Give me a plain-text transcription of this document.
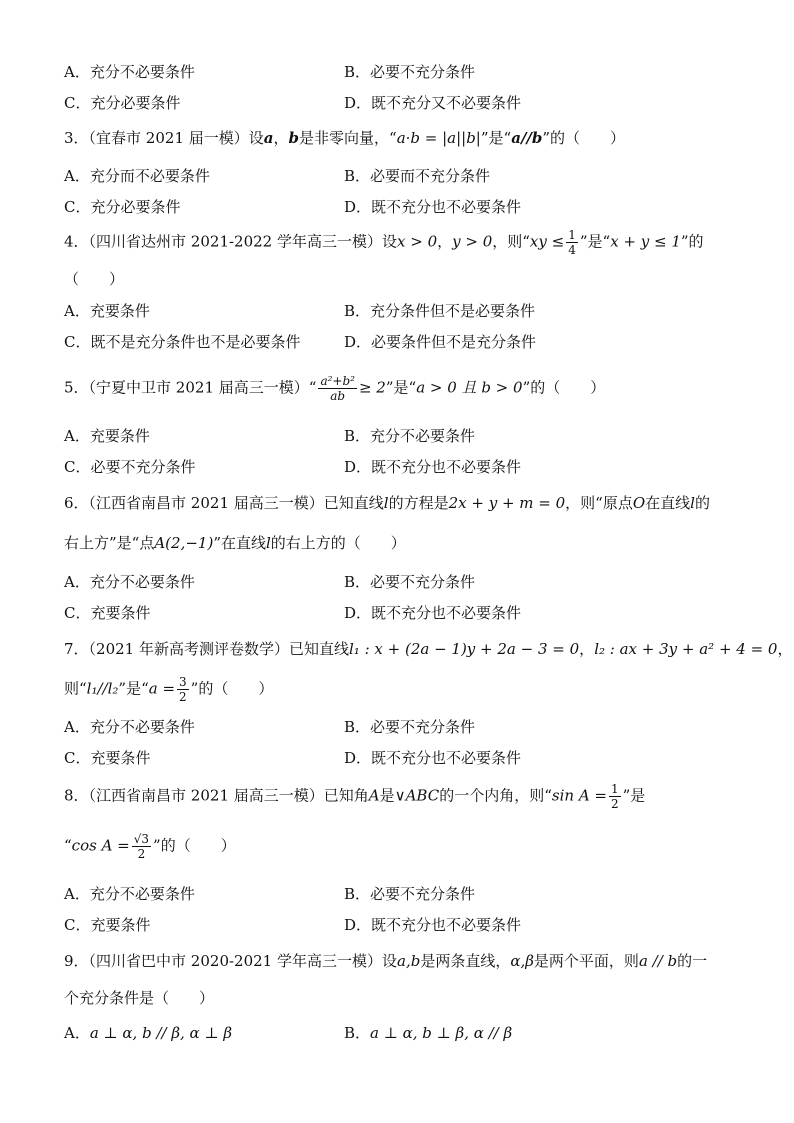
A．充分不必要条件	B．必要不充分条件
C．充分必要条件	D．既不充分又不必要条件
3．（宜春市 2021 届一模）设a，b是非零向量，“a·b = |a||b|”是“a//b”的（　　）
A．充分而不必要条件	B．必要而不充分条件
C．充分必要条件	D．既不充分也不必要条件
4．（四川省达州市 2021-2022 学年高三一模）设x > 0，y > 0，则“xy ≤ $\frac{1}{4}$ ”是“x + y ≤ 1”的
（　　）
A．充要条件	B．充分条件但不是必要条件
C．既不是充分条件也不是必要条件	D．必要条件但不是充分条件
5．（宁夏中卫市 2021 届高三一模）“ $\frac{\text{a²+b²}}{ab} \ge 2$”是“a > 0 且 b > 0”的（　　）
A．充要条件	B．充分不必要条件
C．必要不充分条件	D．既不充分也不必要条件
6．（江西省南昌市 2021 届高三一模）已知直线l的方程是2x + y + m = 0，则“原点O在直线l的
右上方”是“点A(2,−1)”在直线l的右上方的（　　）
A．充分不必要条件	B．必要不充分条件
C．充要条件	D．既不充分也不必要条件
7．（2021 年新高考测评卷数学）已知直线l₁ : x + (2a − 1)y + 2a − 3 = 0，l₂ : ax + 3y + a² + 4 = 0，
则“l₁//l₂”是“$a = \frac{3}{2}$ ”的（　　）
A．充分不必要条件	B．必要不充分条件
C．充要条件	D．既不充分也不必要条件
8．（江西省南昌市 2021 届高三一模）已知角A是∨ABC的一个内角，则“sin $A = \frac{1}{2}$ ”是
“cos $A = \frac{√3}{2}$ ”的（　　）
A．充分不必要条件	B．必要不充分条件
C．充要条件	D．既不充分也不必要条件
9．（四川省巴中市 2020-2021 学年高三一模）设a,b是两条直线，α,β是两个平面，则a // b的一
个充分条件是（　　）
A．a ⊥ α, b // β, α ⊥ β	B．a ⊥ α, b ⊥ β, α // β
